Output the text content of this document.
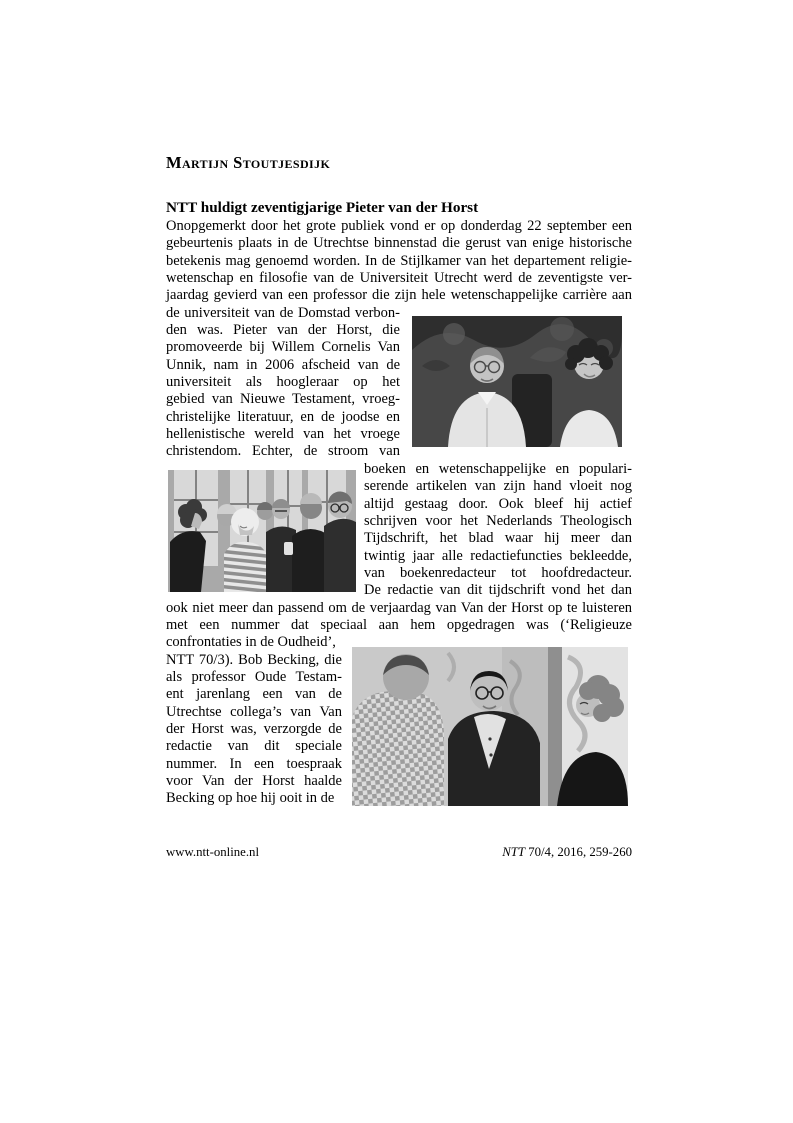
Martijn Stoutjesdijk
NTT huldigt zeventigjarige Pieter van der Horst
Onopgemerkt door het grote publiek vond er op donderdag 22 september een
gebeurtenis plaats in de Utrechtse binnenstad die gerust van enige historische
betekenis mag genoemd worden. In de Stijlkamer van het departement religie-
wetenschap en filosofie van de Universiteit Utrecht werd de zeventigste ver-
jaardag gevierd van een professor die zijn hele wetenschappelijke carrière aan
de universiteit van de Domstad verbon-
den was. Pieter van der Horst, die
promoveerde bij Willem Cornelis Van
Unnik, nam in 2006 afscheid van de
universiteit als hoogleraar op het
gebied van Nieuwe Testament, vroeg-
christelijke literatuur, en de joodse en
hellenistische wereld van het vroege
christendom. Echter, de stroom van
boeken en wetenschappelijke en populari-
serende artikelen van zijn hand vloeit nog
altijd gestaag door. Ook bleef hij actief
schrijven voor het Nederlands Theologisch
Tijdschrift, het blad waar hij meer dan
twintig jaar alle redactiefuncties bekleedde,
van boekenredacteur tot hoofdredacteur.
De redactie van dit tijdschrift vond het dan
ook niet meer dan passend om de verjaardag van Van der Horst op te luisteren
met een nummer dat speciaal aan hem opgedragen was (‘Religieuze
confrontaties in de Oudheid’,
NTT 70/3). Bob Becking, die
als professor Oude Testam-
ent jarenlang een van de
Utrechtse collega’s van Van
der Horst was, verzorgde de
redactie van dit speciale
nummer. In een toespraak
voor Van der Horst haalde
Becking op hoe hij ooit in de
www.ntt-online.nl	NTT 70/4, 2016, 259-260
